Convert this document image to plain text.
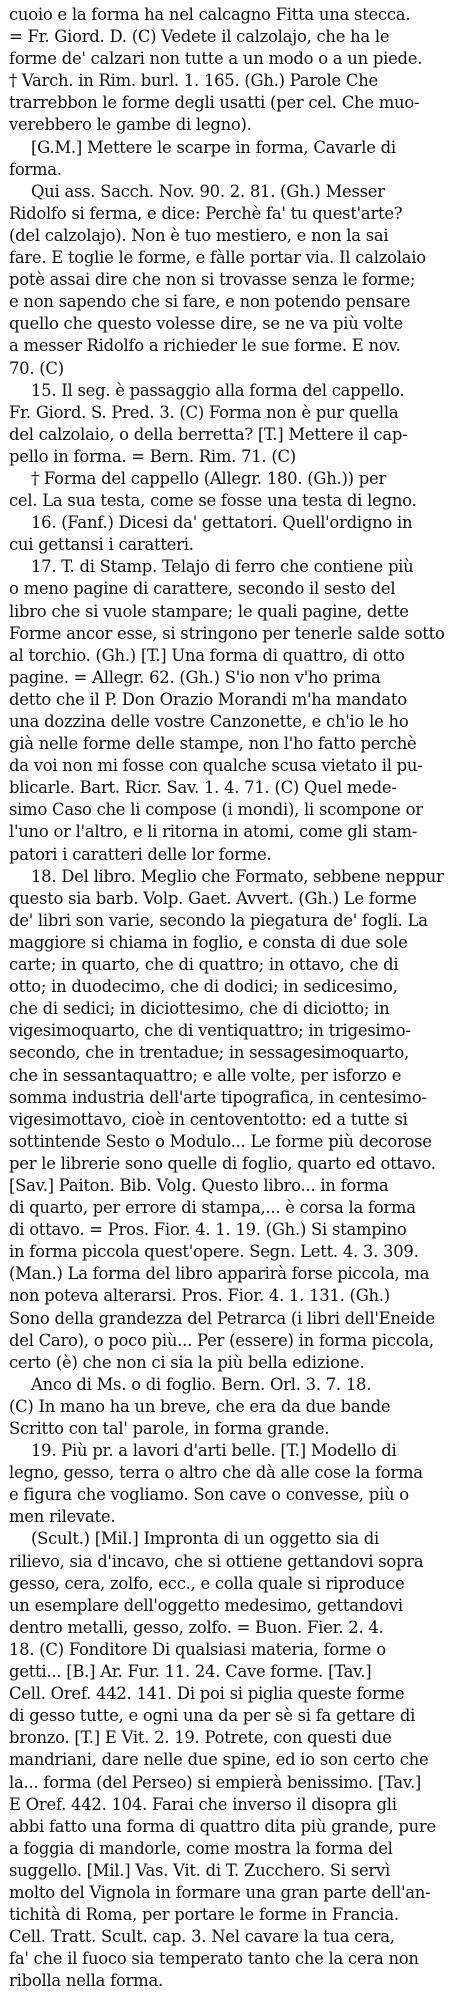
cuoio e la forma ha nel calcagno Fitta una stecca.
= Fr. Giord. D. (C) Vedete il calzolajo, che ha le
forme de' calzari non tutte a un modo o a un piede.
† Varch. in Rim. burl. 1. 165. (Gh.) Parole Che
trarrebbon le forme degli usatti (per cel. Che muo-
verebbero le gambe di legno).
[G.M.] Mettere le scarpe in forma, Cavarle di
forma.
Qui ass. Sacch. Nov. 90. 2. 81. (Gh.) Messer
Ridolfo si ferma, e dice: Perchè fa' tu quest'arte?
(del calzolajo). Non è tuo mestiero, e non la sai
fare. E toglie le forme, e fàlle portar via. Il calzolaio
potè assai dire che non si trovasse senza le forme;
e non sapendo che si fare, e non potendo pensare
quello che questo volesse dire, se ne va più volte
a messer Ridolfo a richieder le sue forme. E nov.
70. (C)
15. Il seg. è passaggio alla forma del cappello.
Fr. Giord. S. Pred. 3. (C) Forma non è pur quella
del calzolaio, o della berretta? [T.] Mettere il cap-
pello in forma. = Bern. Rim. 71. (C)
† Forma del cappello (Allegr. 180. (Gh.)) per
cel. La sua testa, come se fosse una testa di legno.
16. (Fanf.) Dicesi da' gettatori. Quell'ordigno in
cui gettansi i caratteri.
17. T. di Stamp. Telajo di ferro che contiene più
o meno pagine di carattere, secondo il sesto del
libro che si vuole stampare; le quali pagine, dette
Forme ancor esse, si stringono per tenerle salde sotto
al torchio. (Gh.) [T.] Una forma di quattro, di otto
pagine. = Allegr. 62. (Gh.) S'io non v'ho prima
detto che il P. Don Orazio Morandi m'ha mandato
una dozzina delle vostre Canzonette, e ch'io le ho
già nelle forme delle stampe, non l'ho fatto perchè
da voi non mi fosse con qualche scusa vietato il pu-
blicarle. Bart. Ricr. Sav. 1. 4. 71. (C) Quel mede-
simo Caso che li compose (i mondi), li scompone or
l'uno or l'altro, e li ritorna in atomi, come gli stam-
patori i caratteri delle lor forme.
18. Del libro. Meglio che Formato, sebbene neppur
questo sia barb. Volp. Gaet. Avvert. (Gh.) Le forme
de' libri son varie, secondo la piegatura de' fogli. La
maggiore si chiama in foglio, e consta di due sole
carte; in quarto, che di quattro; in ottavo, che di
otto; in duodecimo, che di dodici; in sedicesimo,
che di sedici; in diciottesimo, che di diciotto; in
vigesimoquarto, che di ventiquattro; in trigesimo-
secondo, che in trentadue; in sessagesimoquarto,
che in sessantaquattro; e alle volte, per isforzo e
somma industria dell'arte tipografica, in centesimo-
vigesimottavo, cioè in centoventotto: ed a tutte si
sottintende Sesto o Modulo... Le forme più decorose
per le librerie sono quelle di foglio, quarto ed ottavo.
[Sav.] Paiton. Bib. Volg. Questo libro... in forma
di quarto, per errore di stampa,... è corsa la forma
di ottavo. = Pros. Fior. 4. 1. 19. (Gh.) Si stampino
in forma piccola quest'opere. Segn. Lett. 4. 3. 309.
(Man.) La forma del libro apparirà forse piccola, ma
non poteva alterarsi. Pros. Fior. 4. 1. 131. (Gh.)
Sono della grandezza del Petrarca (i libri dell'Eneide
del Caro), o poco più... Per (essere) in forma piccola,
certo (è) che non ci sia la più bella edizione.
Anco di Ms. o di foglio. Bern. Orl. 3. 7. 18.
(C) In mano ha un breve, che era da due bande
Scritto con tal' parole, in forma grande.
19. Più pr. a lavori d'arti belle. [T.] Modello di
legno, gesso, terra o altro che dà alle cose la forma
e figura che vogliamo. Son cave o convesse, più o
men rilevate.
(Scult.) [Mil.] Impronta di un oggetto sia di
rilievo, sia d'incavo, che si ottiene gettandovi sopra
gesso, cera, zolfo, ecc., e colla quale si riproduce
un esemplare dell'oggetto medesimo, gettandovi
dentro metalli, gesso, zolfo. = Buon. Fier. 2. 4.
18. (C) Fonditore Di qualsiasi materia, forme o
getti... [B.] Ar. Fur. 11. 24. Cave forme. [Tav.]
Cell. Oref. 442. 141. Di poi si piglia queste forme
di gesso tutte, e ogni una da per sè si fa gettare di
bronzo. [T.] E Vit. 2. 19. Potrete, con questi due
mandriani, dare nelle due spine, ed io son certo che
la... forma (del Perseo) si empierà benissimo. [Tav.]
E Oref. 442. 104. Farai che inverso il disopra gli
abbi fatto una forma di quattro dita più grande, pure
a foggia di mandorle, come mostra la forma del
suggello. [Mil.] Vas. Vit. di T. Zucchero. Si servì
molto del Vignola in formare una gran parte dell'an-
tichità di Roma, per portare le forme in Francia.
Cell. Tratt. Scult. cap. 3. Nel cavare la tua cera,
fa' che il fuoco sia temperato tanto che la cera non
ribolla nella forma.
